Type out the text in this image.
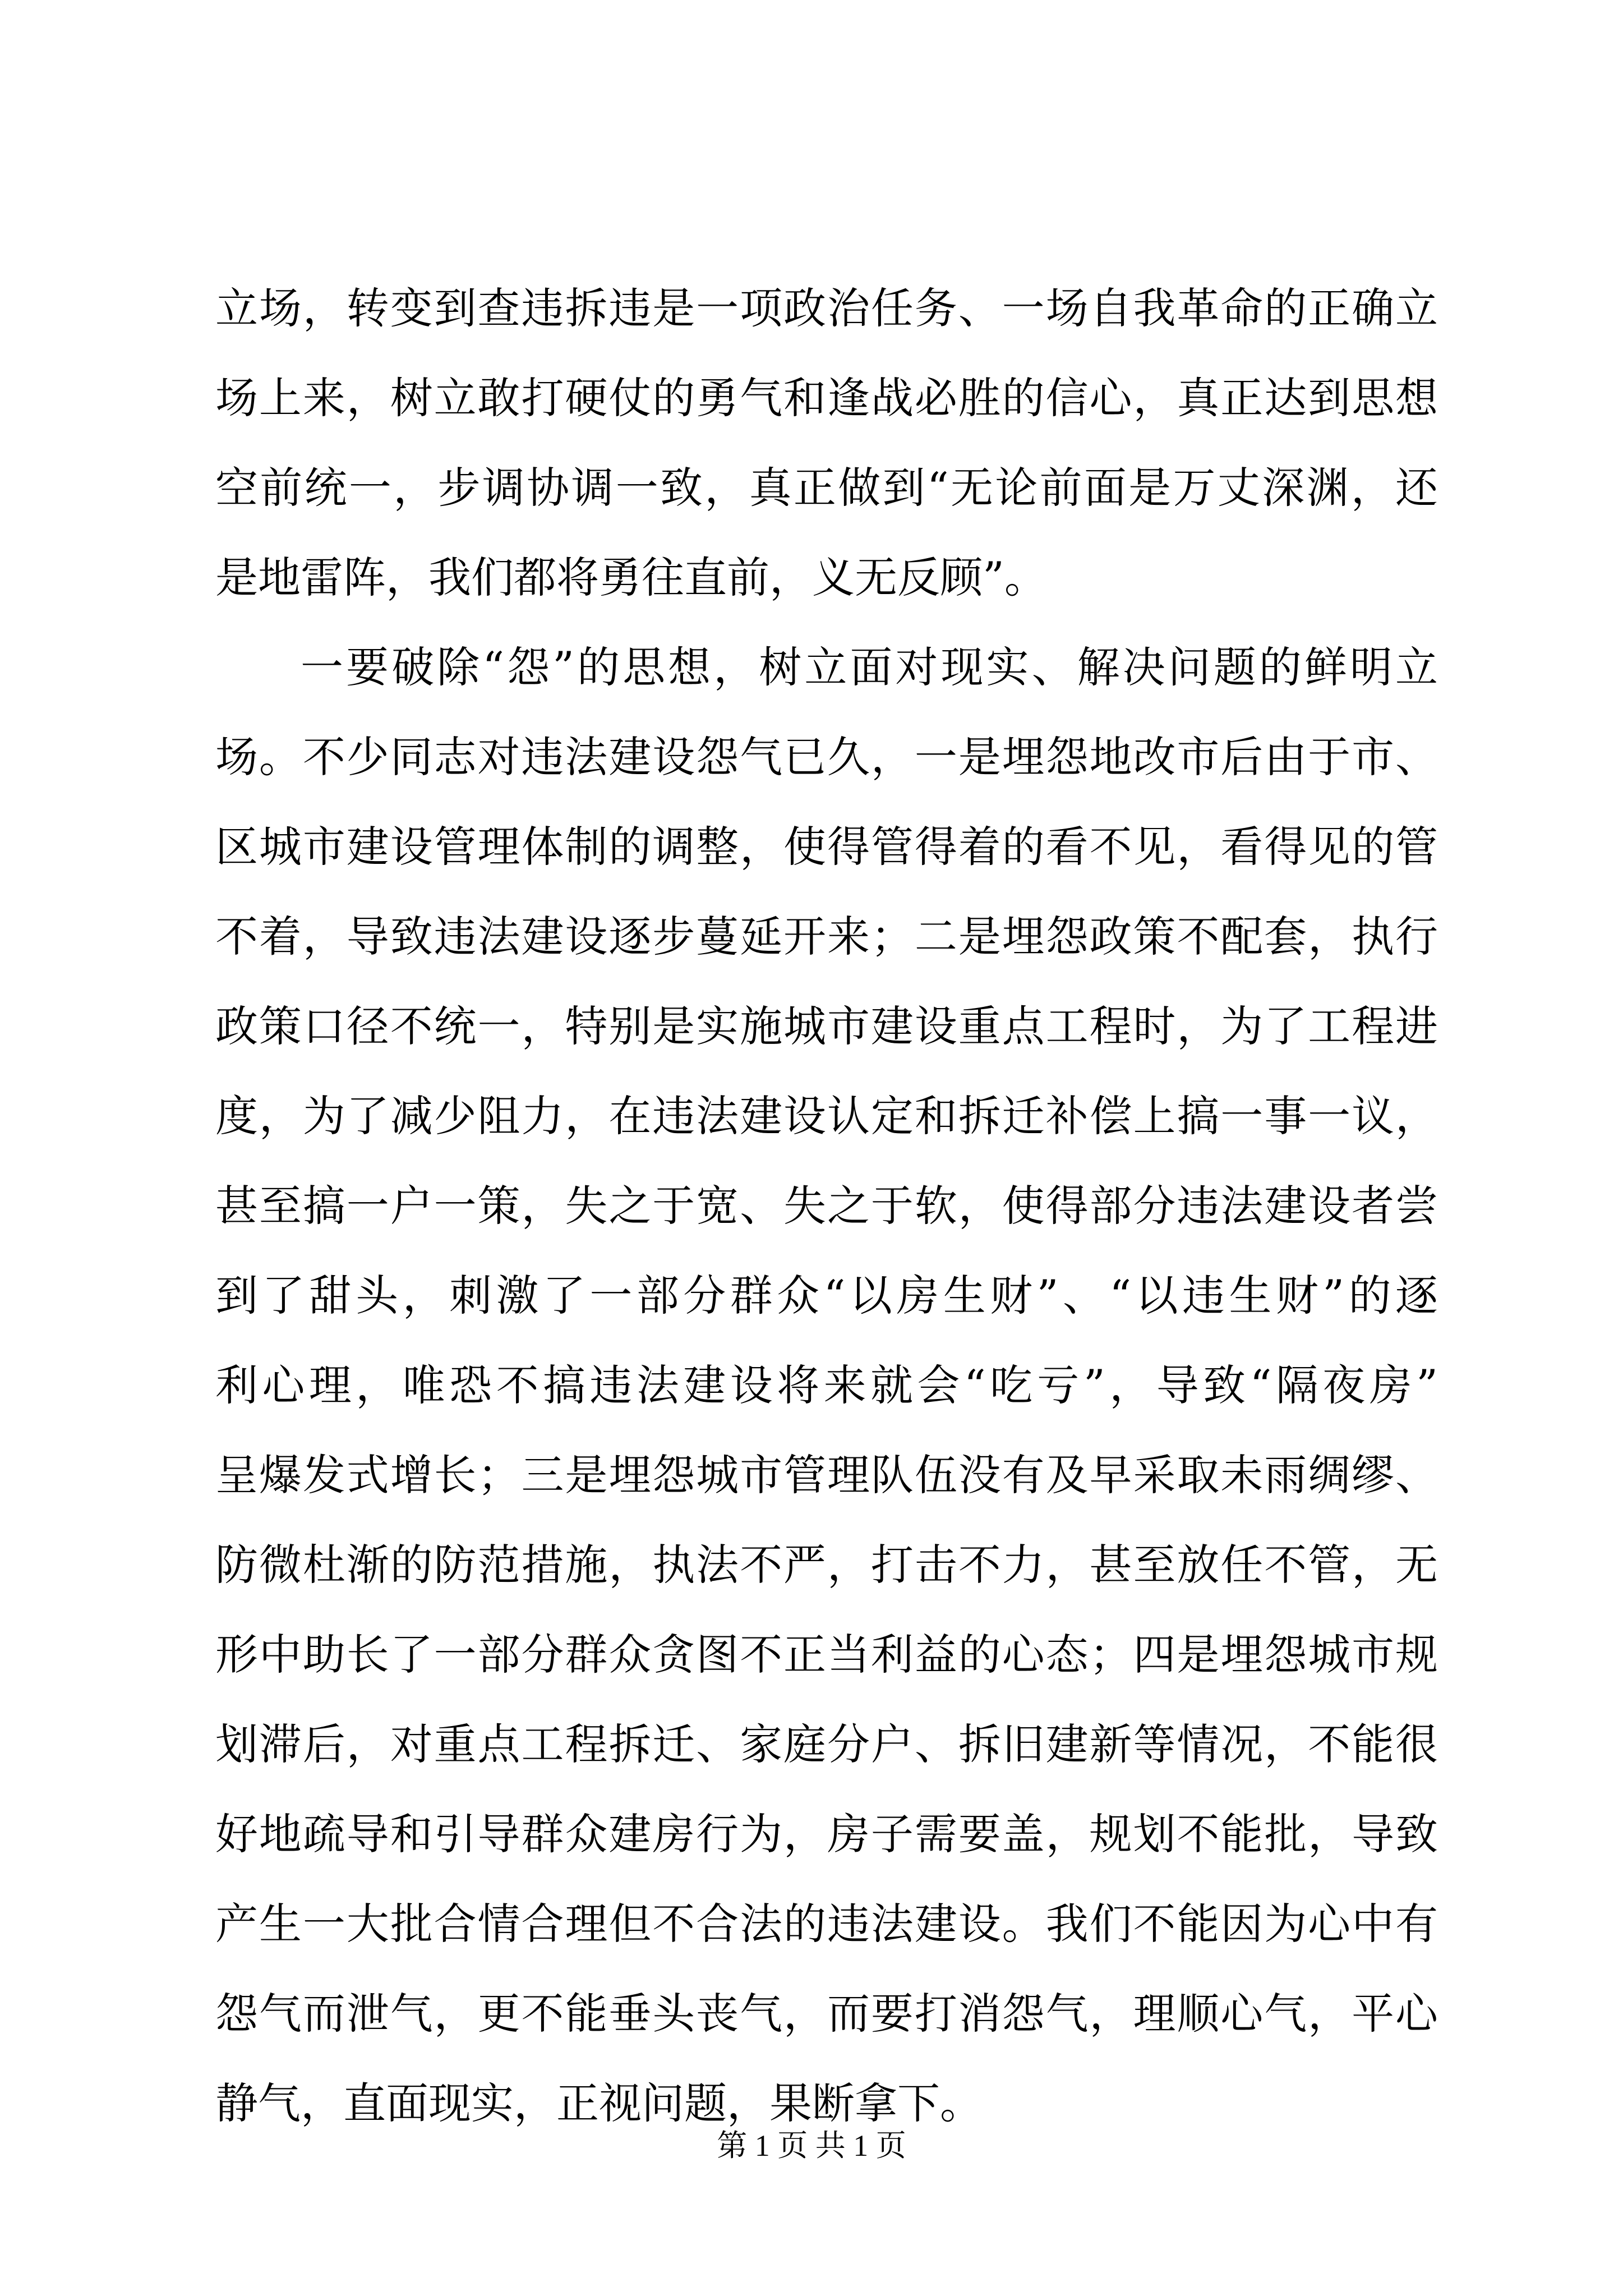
立场，转变到查违拆违是一项政治任务、一场自我革命的正确立
场上来，树立敢打硬仗的勇气和逢战必胜的信心，真正达到思想
空前统一，步调协调一致，真正做到“无论前面是万丈深渊，还
是地雷阵，我们都将勇往直前，义无反顾”。
一要破除“怨”的思想，树立面对现实、解决问题的鲜明立
场。不少同志对违法建设怨气已久，一是埋怨地改市后由于市、
区城市建设管理体制的调整，使得管得着的看不见，看得见的管
不着，导致违法建设逐步蔓延开来；二是埋怨政策不配套，执行
政策口径不统一，特别是实施城市建设重点工程时，为了工程进
度，为了减少阻力，在违法建设认定和拆迁补偿上搞一事一议，
甚至搞一户一策，失之于宽、失之于软，使得部分违法建设者尝
到了甜头，刺激了一部分群众“以房生财”、“以违生财”的逐
利心理，唯恐不搞违法建设将来就会“吃亏”，导致“隔夜房”
呈爆发式增长；三是埋怨城市管理队伍没有及早采取未雨绸缪、
防微杜渐的防范措施，执法不严，打击不力，甚至放任不管，无
形中助长了一部分群众贪图不正当利益的心态；四是埋怨城市规
划滞后，对重点工程拆迁、家庭分户、拆旧建新等情况，不能很
好地疏导和引导群众建房行为，房子需要盖，规划不能批，导致
产生一大批合情合理但不合法的违法建设。我们不能因为心中有
怨气而泄气，更不能垂头丧气，而要打消怨气，理顺心气，平心
静气，直面现实，正视问题，果断拿下。
第 1 页 共 1 页
